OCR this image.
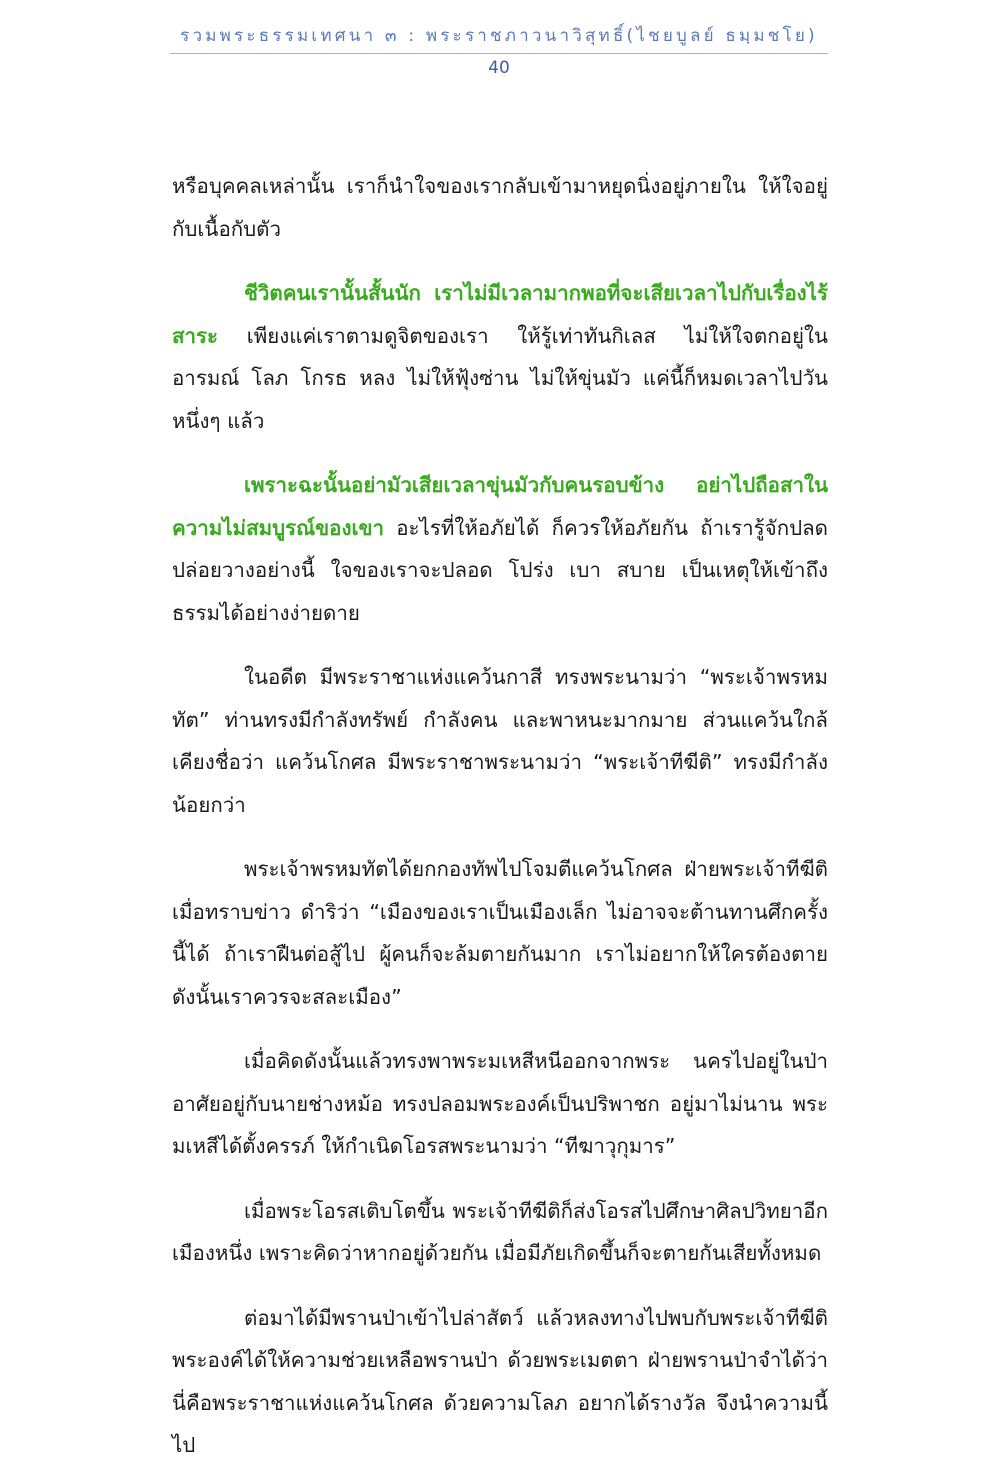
รวมพระธรรมเทศนา ๓ : พระราชภาวนาวิสุทธิ์(ไชยบูลย์ ธมฺมชโย)
40

หรือบุคคลเหล่านั้น เราก็นำใจของเรากลับเข้ามาหยุดนิ่งอยู่ภายใน ให้ใจอยู่กับเนื้อกับตัว

ชีวิตคนเรานั้นสั้นนัก เราไม่มีเวลามากพอที่จะเสียเวลาไปกับเรื่องไร้สาระ เพียงแค่เราตามดูจิตของเรา ให้รู้เท่าทันกิเลส ไม่ให้ใจตกอยู่ในอารมณ์ โลภ โกรธ หลง ไม่ให้ฟุ้งซ่าน ไม่ให้ขุ่นมัว แค่นี้ก็หมดเวลาไปวันหนึ่งๆ แล้ว

เพราะฉะนั้นอย่ามัวเสียเวลาขุ่นมัวกับคนรอบข้าง อย่าไปถือสาในความไม่สมบูรณ์ของเขา อะไรที่ให้อภัยได้ ก็ควรให้อภัยกัน ถ้าเรารู้จักปลด ปล่อยวางอย่างนี้ ใจของเราจะปลอด โปร่ง เบา สบาย เป็นเหตุให้เข้าถึงธรรมได้อย่างง่ายดาย

ในอดีต มีพระราชาแห่งแคว้นกาสี ทรงพระนามว่า “พระเจ้าพรหมทัต” ท่านทรงมีกำลังทรัพย์ กำลังคน และพาหนะมากมาย ส่วนแคว้นใกล้เคียงชื่อว่า แคว้นโกศล มีพระราชาพระนามว่า “พระเจ้าทีฆีติ” ทรงมีกำลังน้อยกว่า

พระเจ้าพรหมทัตได้ยกกองทัพไปโจมตีแคว้นโกศล ฝ่ายพระเจ้าทีฆีติ เมื่อทราบข่าว ดำริว่า “เมืองของเราเป็นเมืองเล็ก ไม่อาจจะต้านทานศึกครั้งนี้ได้ ถ้าเราฝืนต่อสู้ไป ผู้คนก็จะล้มตายกันมาก เราไม่อยากให้ใครต้องตาย ดังนั้นเราควรจะสละเมือง”

เมื่อคิดดังนั้นแล้วทรงพาพระมเหสีหนีออกจากพระ นครไปอยู่ในป่า อาศัยอยู่กับนายช่างหม้อ ทรงปลอมพระองค์เป็นปริพาชก อยู่มาไม่นาน พระมเหสีได้ตั้งครรภ์ ให้กำเนิดโอรสพระนามว่า “ทีฆาวุกุมาร”

เมื่อพระโอรสเติบโตขึ้น พระเจ้าทีฆีติก็ส่งโอรสไปศึกษาศิลปวิทยาอีกเมืองหนึ่ง เพราะคิดว่าหากอยู่ด้วยกัน เมื่อมีภัยเกิดขึ้นก็จะตายกันเสียทั้งหมด

ต่อมาได้มีพรานป่าเข้าไปล่าสัตว์ แล้วหลงทางไปพบกับพระเจ้าทีฆีติ พระองค์ได้ให้ความช่วยเหลือพรานป่า ด้วยพระเมตตา ฝ่ายพรานป่าจำได้ว่านี่คือพระราชาแห่งแคว้นโกศล ด้วยความโลภ อยากได้รางวัล จึงนำความนี้ไป
